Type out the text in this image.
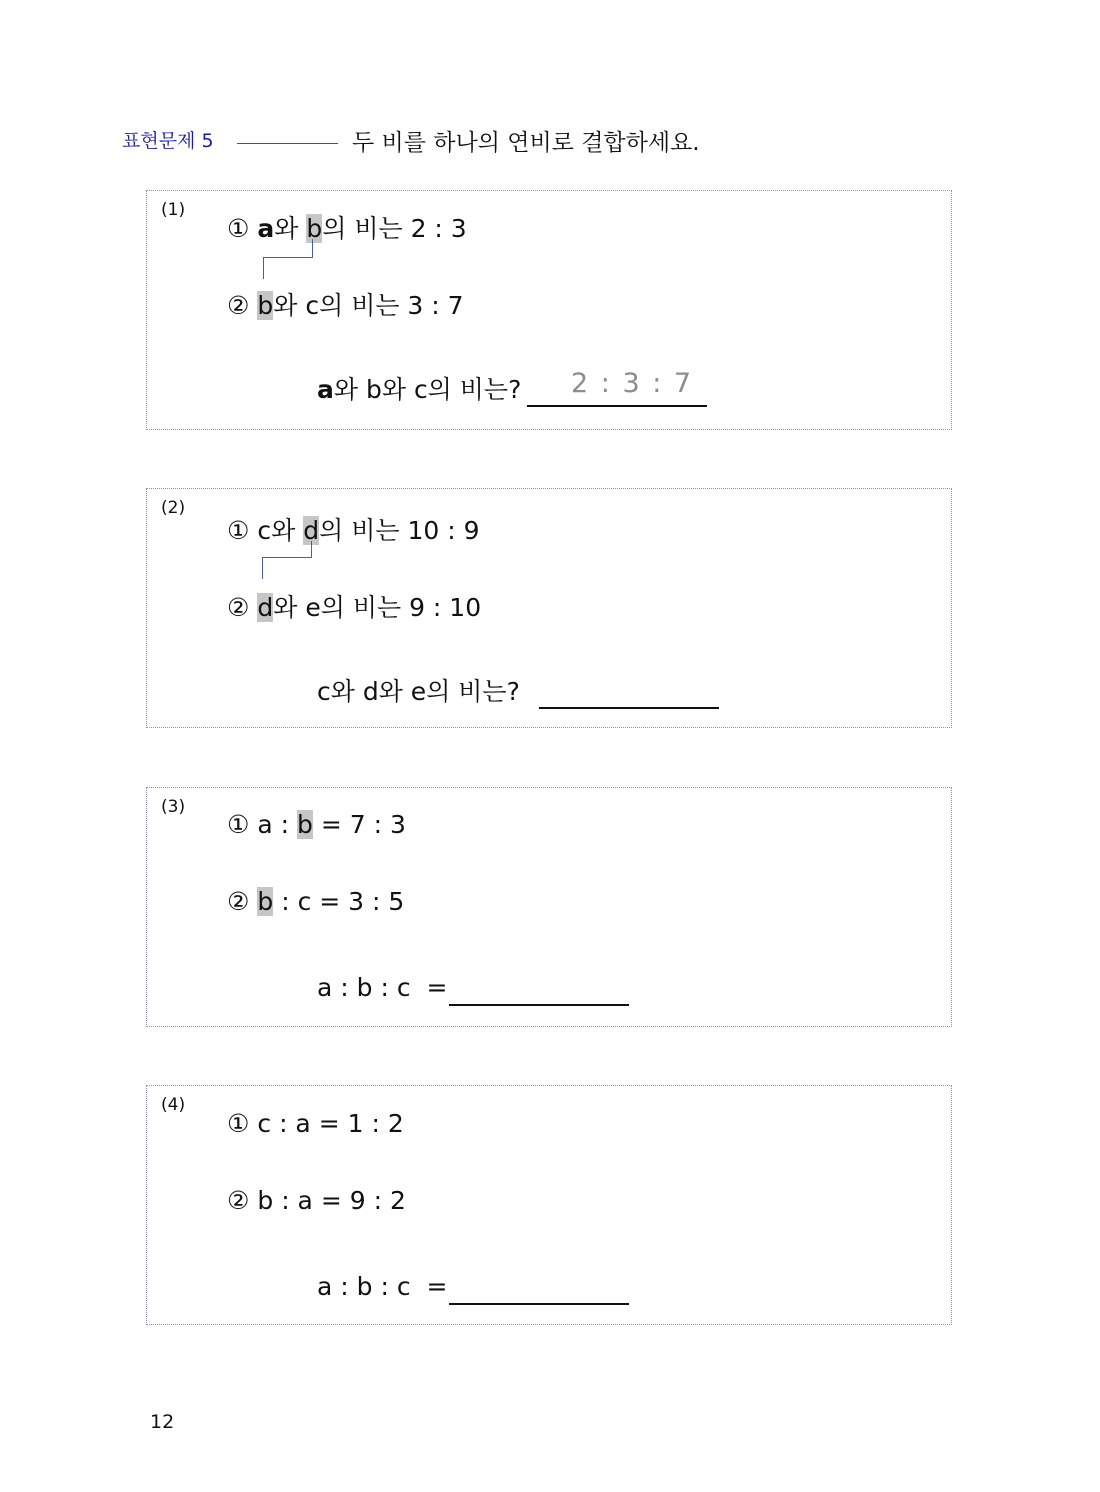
표현문제 5	두 비를 하나의 연비로 결합하세요.
(1)
① a와 b의 비는 2 : 3
② b와 c의 비는 3 : 7
a와 b와 c의 비는? 2 : 3 : 7
(2)
① c와 d의 비는 10 : 9
② d와 e의 비는 9 : 10
c와 d와 e의 비는?
(3)
① a : b = 7 : 3
② b : c = 3 : 5
a : b : c  =
(4)
① c : a = 1 : 2
② b : a = 9 : 2
a : b : c  =
12
